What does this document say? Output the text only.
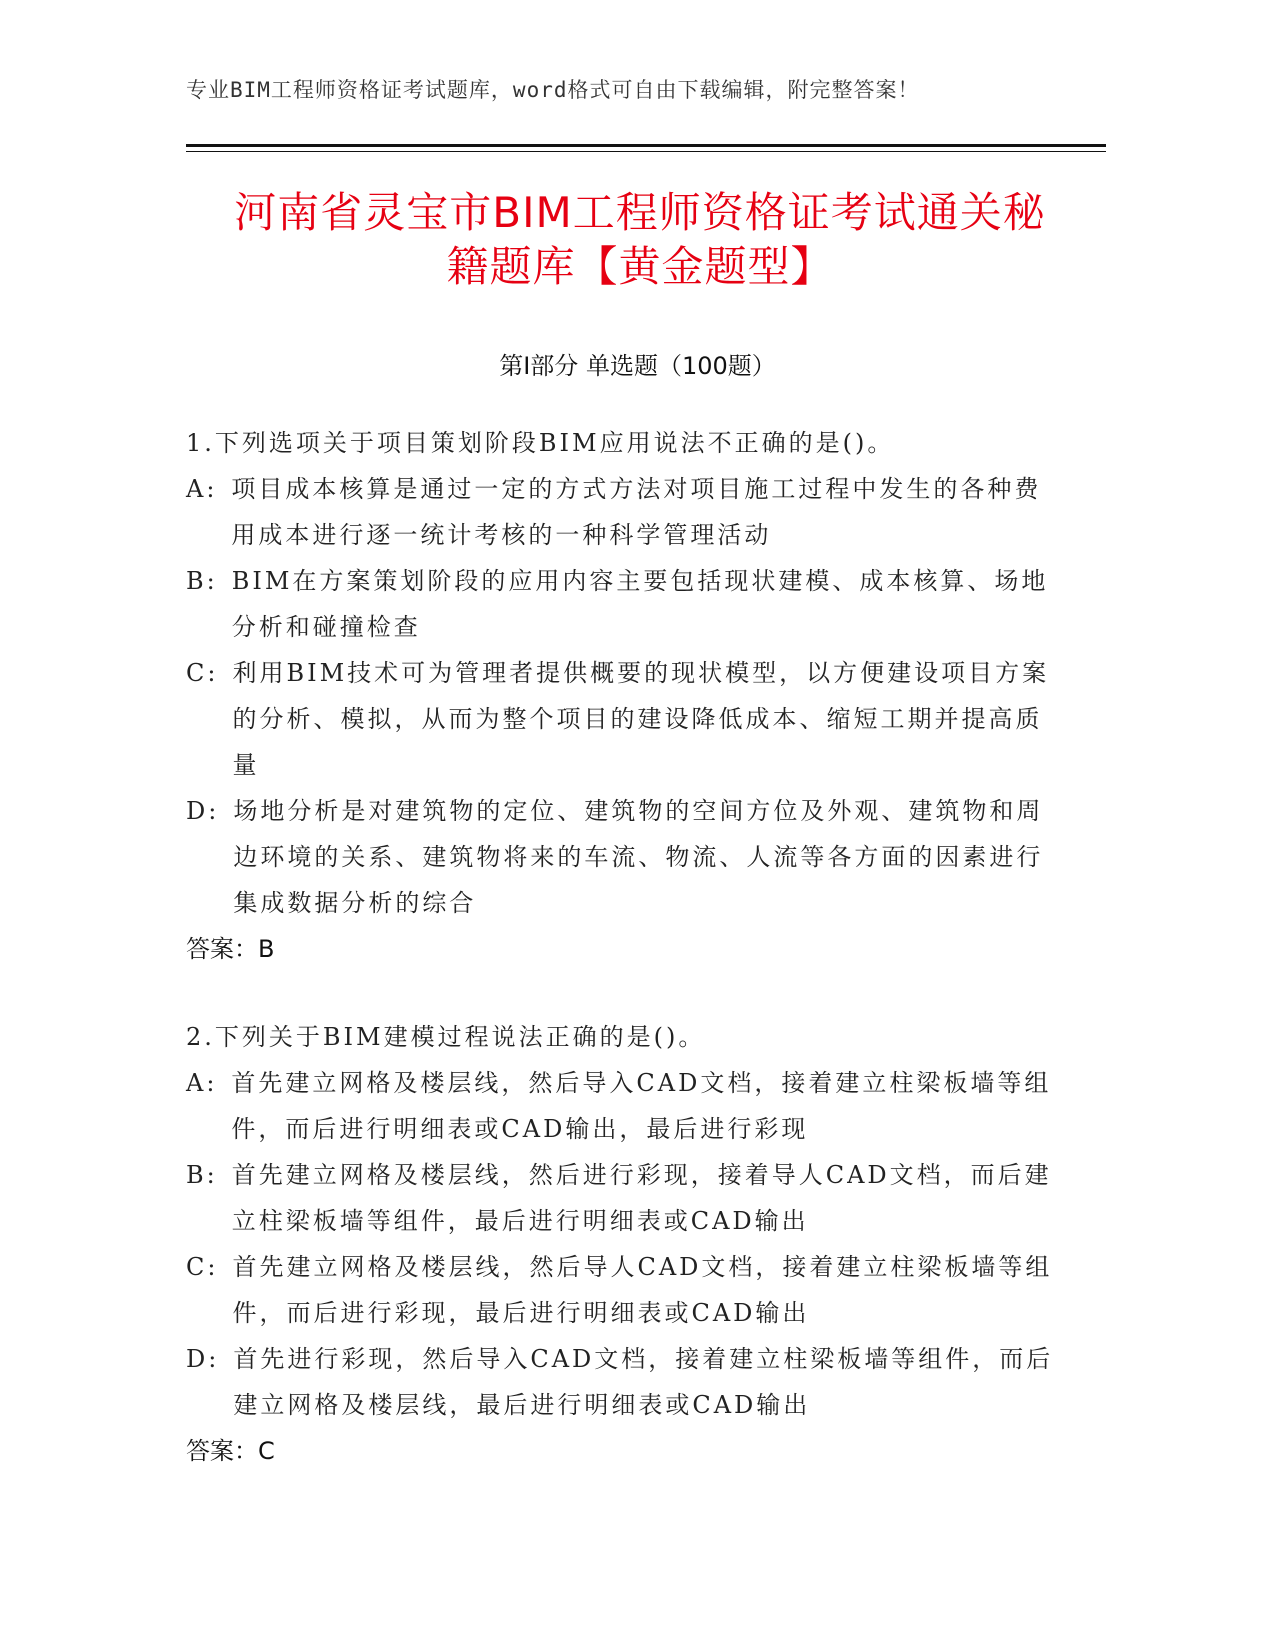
专业BIM工程师资格证考试题库，word格式可自由下载编辑，附完整答案！
河南省灵宝市BIM工程师资格证考试通关秘
籍题库【黄金题型】
第Ⅰ部分 单选题（100题）
1.下列选项关于项目策划阶段BIM应用说法不正确的是()。
A: 项目成本核算是通过一定的方式方法对项目施工过程中发生的各种费用成本进行逐一统计考核的一种科学管理活动
B: BIM在方案策划阶段的应用内容主要包括现状建模、成本核算、场地分析和碰撞检查
C: 利用BIM技术可为管理者提供概要的现状模型，以方便建设项目方案的分析、模拟，从而为整个项目的建设降低成本、缩短工期并提高质量
D: 场地分析是对建筑物的定位、建筑物的空间方位及外观、建筑物和周边环境的关系、建筑物将来的车流、物流、人流等各方面的因素进行集成数据分析的综合
答案：B
2.下列关于BIM建模过程说法正确的是()。
A: 首先建立网格及楼层线，然后导入CAD文档，接着建立柱梁板墙等组件，而后进行明细表或CAD输出，最后进行彩现
B: 首先建立网格及楼层线，然后进行彩现，接着导人CAD文档，而后建立柱梁板墙等组件，最后进行明细表或CAD输出
C: 首先建立网格及楼层线，然后导人CAD文档，接着建立柱梁板墙等组件，而后进行彩现，最后进行明细表或CAD输出
D: 首先进行彩现，然后导入CAD文档，接着建立柱梁板墙等组件，而后建立网格及楼层线，最后进行明细表或CAD输出
答案：C
